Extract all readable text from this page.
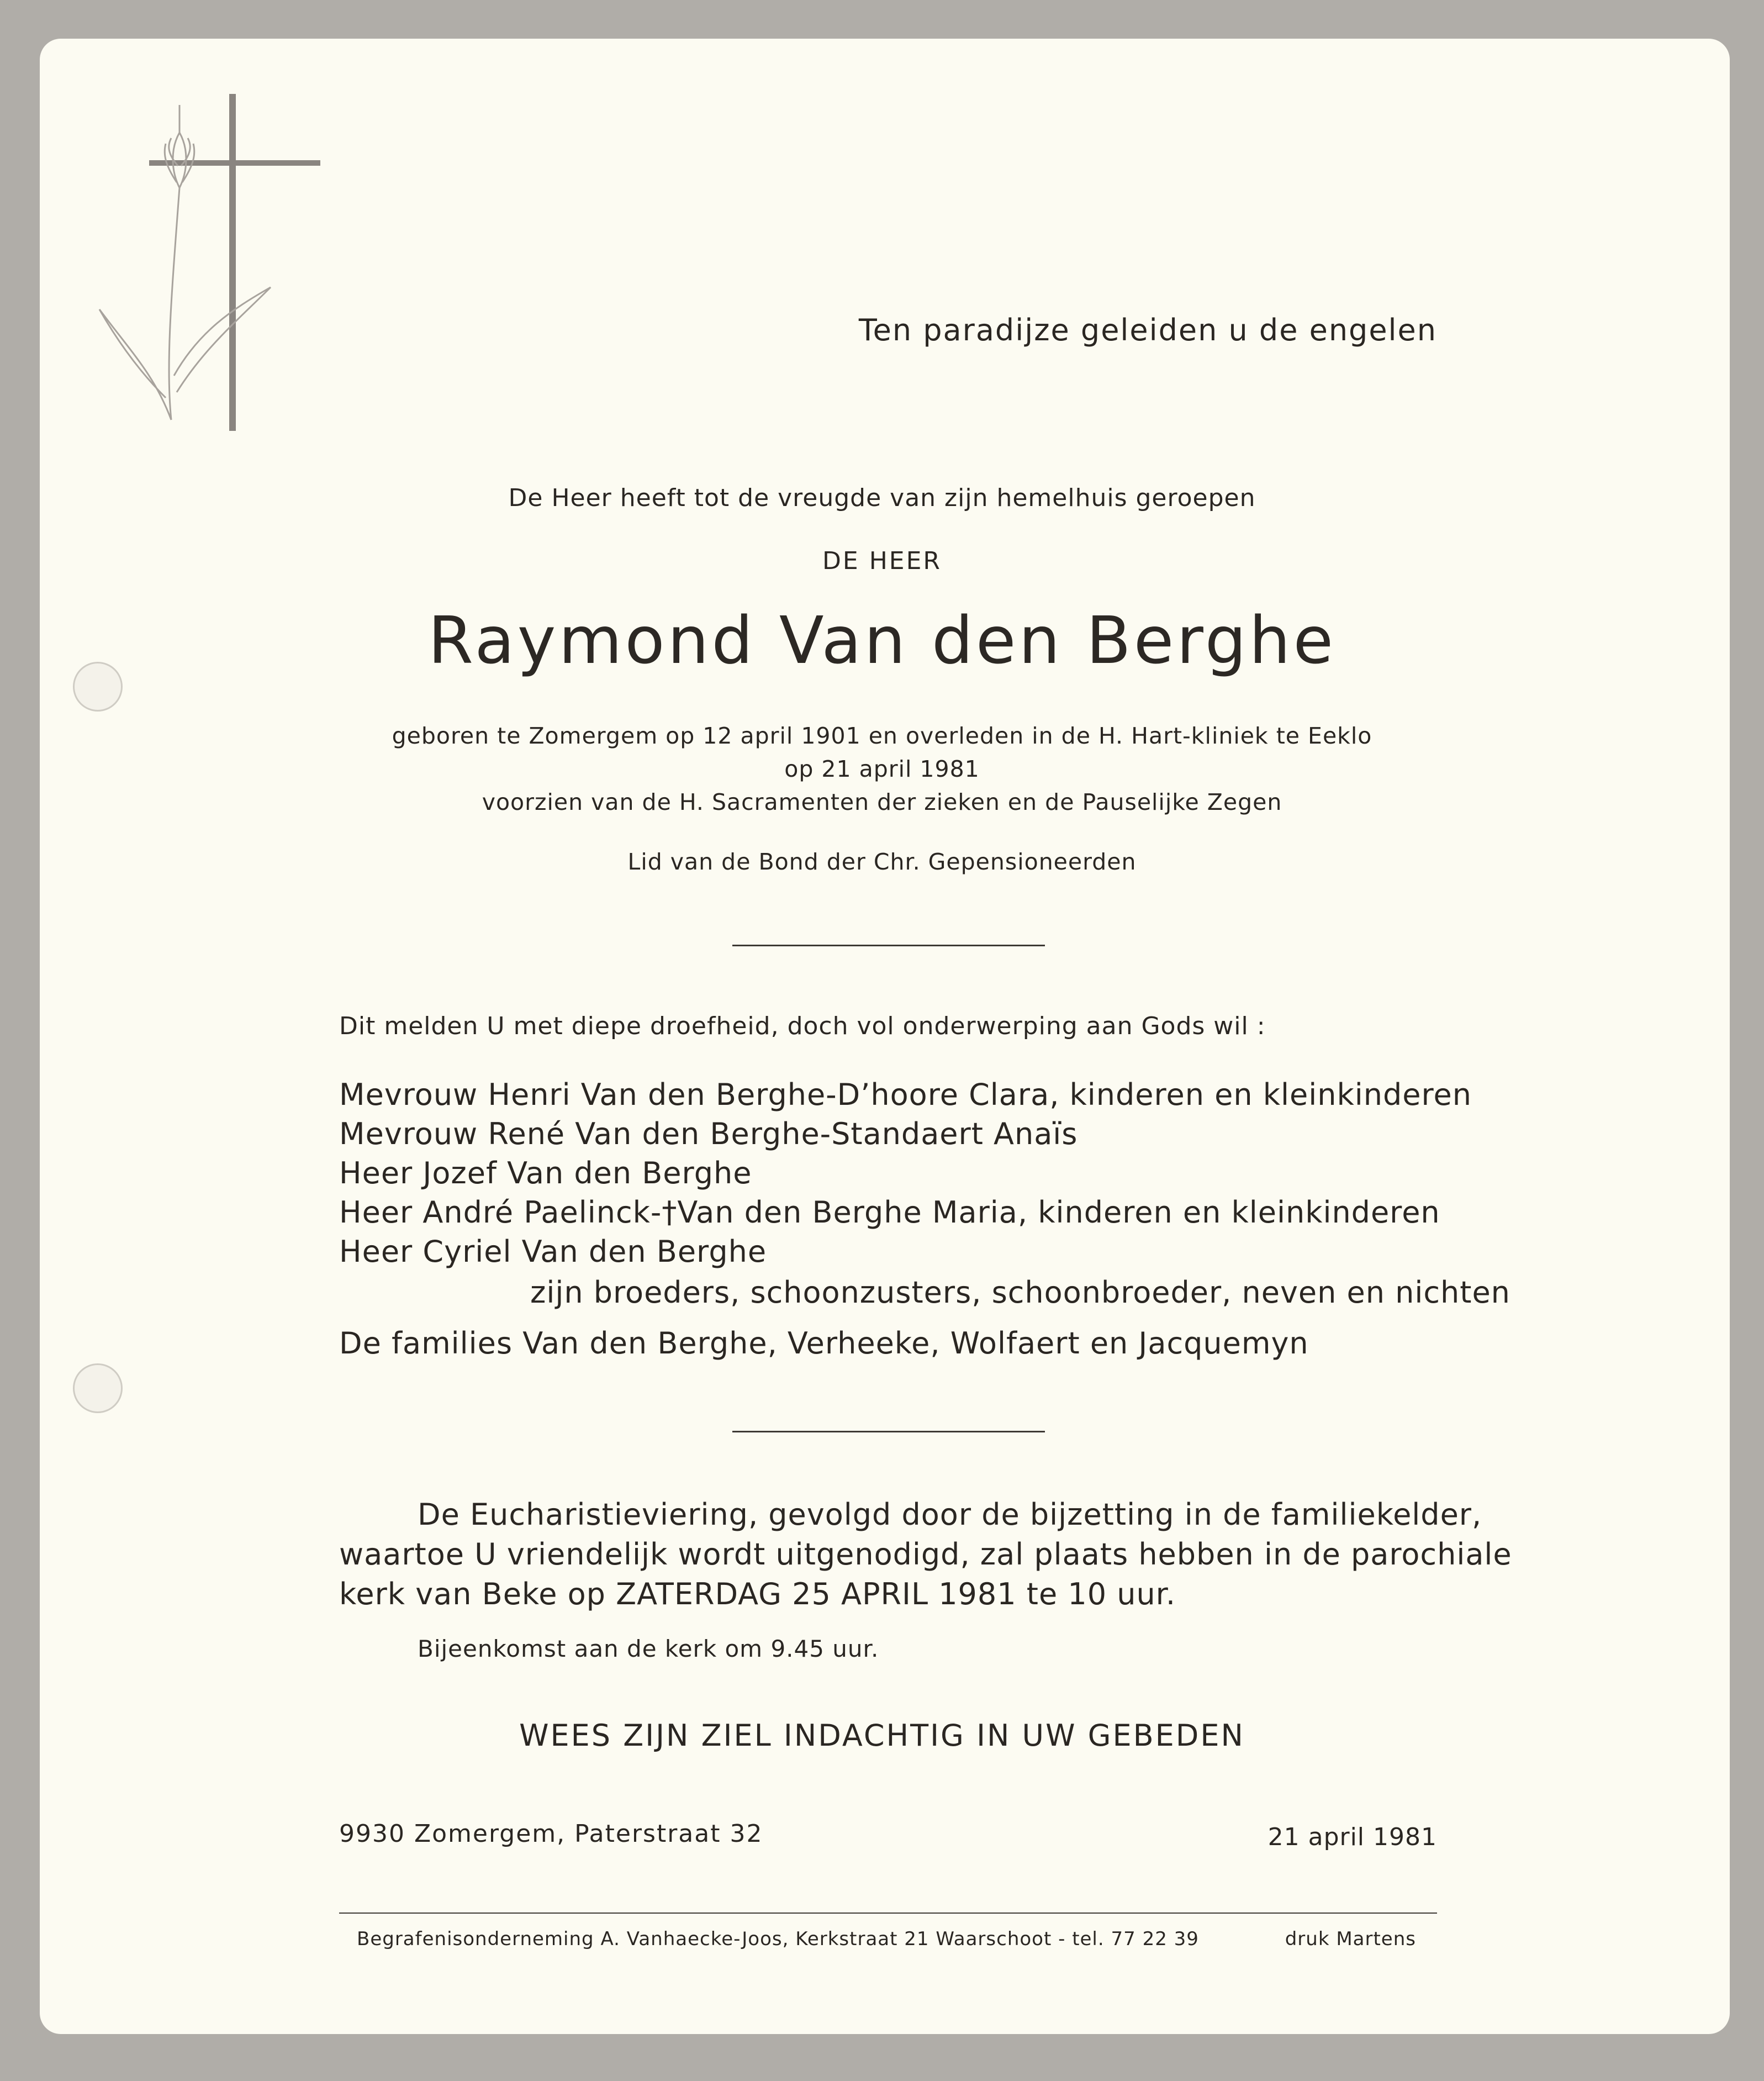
Ten paradijze geleiden u de engelen
De Heer heeft tot de vreugde van zijn hemelhuis geroepen
DE HEER
Raymond Van den Berghe
geboren te Zomergem op 12 april 1901 en overleden in de H. Hart-kliniek te Eeklo
op 21 april 1981
voorzien van de H. Sacramenten der zieken en de Pauselijke Zegen
Lid van de Bond der Chr. Gepensioneerden
Dit melden U met diepe droefheid, doch vol onderwerping aan Gods wil :
Mevrouw Henri Van den Berghe-D’hoore Clara, kinderen en kleinkinderen
Mevrouw René Van den Berghe-Standaert Anaïs
Heer Jozef Van den Berghe
Heer André Paelinck-†Van den Berghe Maria, kinderen en kleinkinderen
Heer Cyriel Van den Berghe
zijn broeders, schoonzusters, schoonbroeder, neven en nichten
De families Van den Berghe, Verheeke, Wolfaert en Jacquemyn
De Eucharistieviering, gevolgd door de bijzetting in de familiekelder,
waartoe U vriendelijk wordt uitgenodigd, zal plaats hebben in de parochiale
kerk van Beke op ZATERDAG 25 APRIL 1981 te 10 uur.
Bijeenkomst aan de kerk om 9.45 uur.
WEES ZIJN ZIEL INDACHTIG IN UW GEBEDEN
9930 Zomergem, Paterstraat 32	21 april 1981
Begrafenisonderneming A. Vanhaecke-Joos, Kerkstraat 21 Waarschoot - tel. 77 22 39	druk Martens
